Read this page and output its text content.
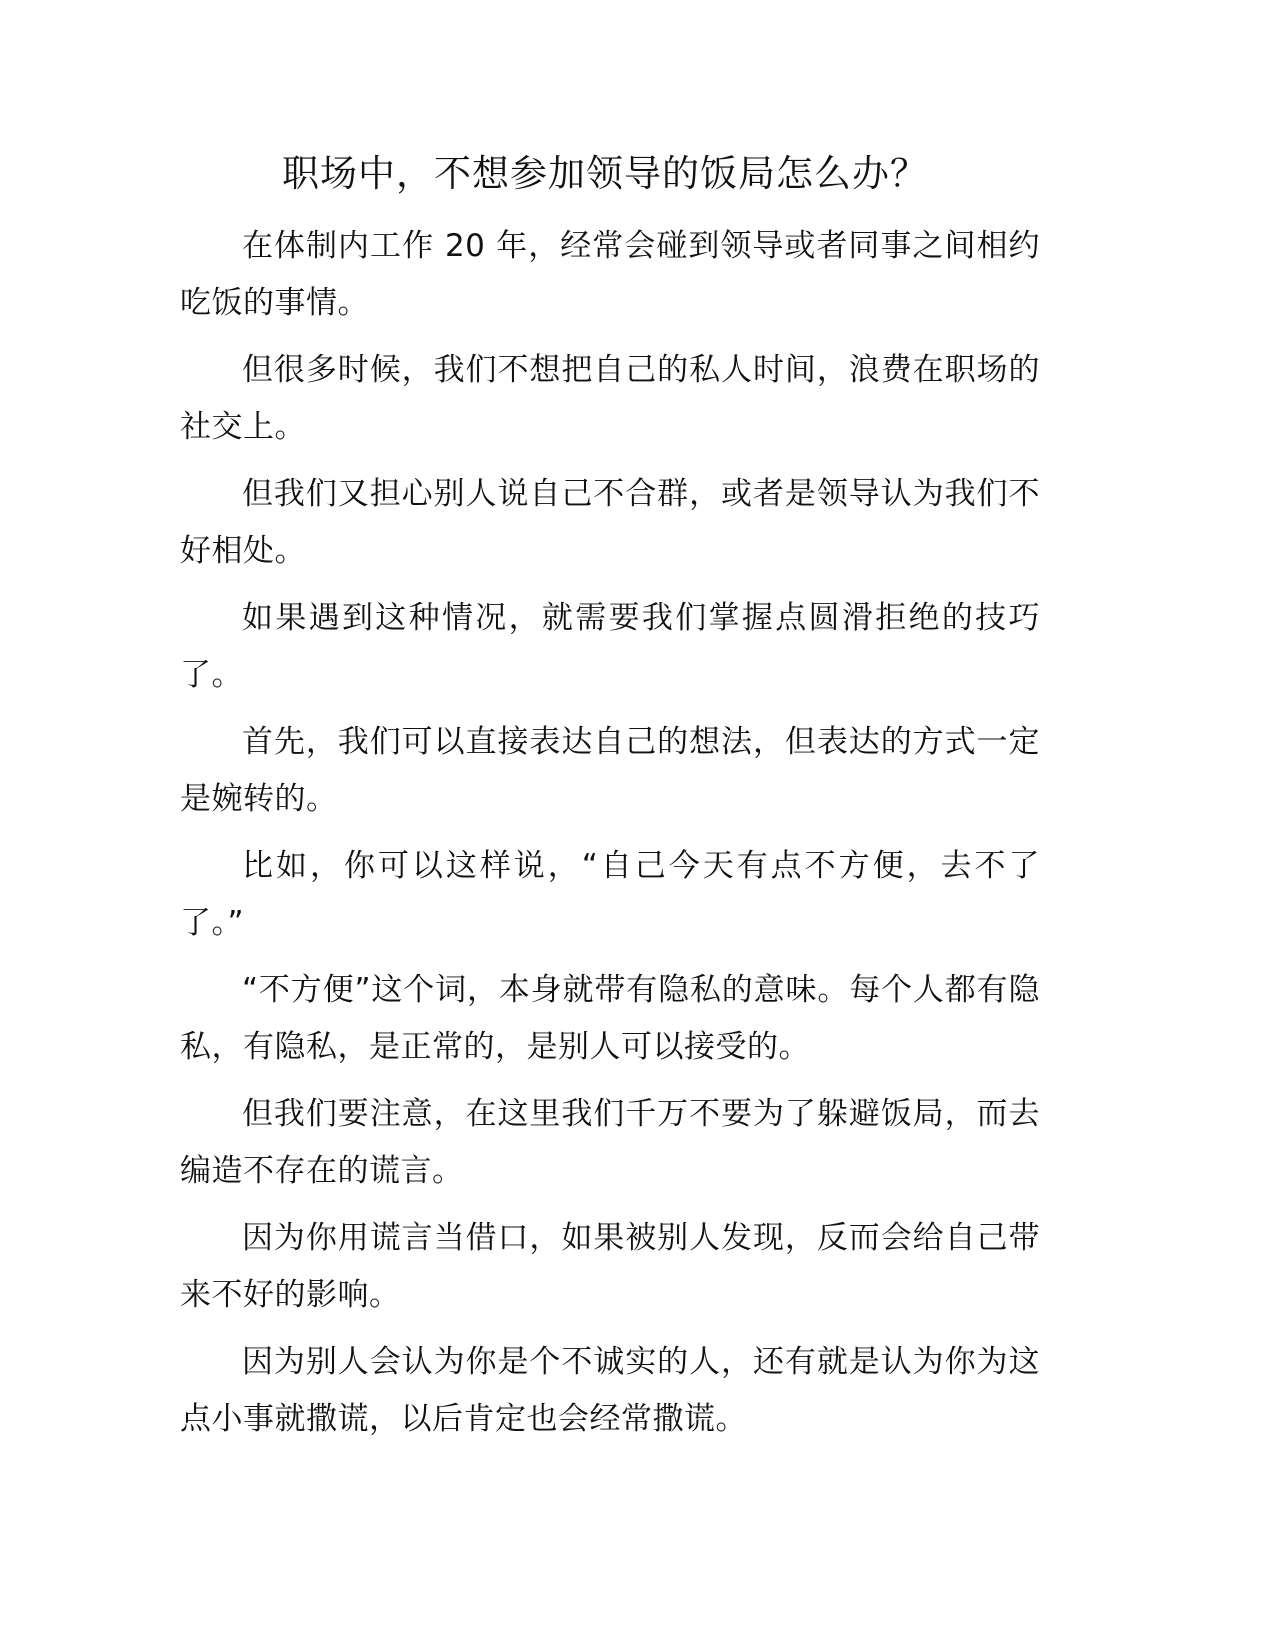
职场中，不想参加领导的饭局怎么办？

在体制内工作 20 年，经常会碰到领导或者同事之间相约吃饭的事情。

但很多时候，我们不想把自己的私人时间，浪费在职场的社交上。

但我们又担心别人说自己不合群，或者是领导认为我们不好相处。

如果遇到这种情况，就需要我们掌握点圆滑拒绝的技巧了。

首先，我们可以直接表达自己的想法，但表达的方式一定是婉转的。

比如，你可以这样说，“自己今天有点不方便，去不了了。”

“不方便”这个词，本身就带有隐私的意味。每个人都有隐私，有隐私，是正常的，是别人可以接受的。

但我们要注意，在这里我们千万不要为了躲避饭局，而去编造不存在的谎言。

因为你用谎言当借口，如果被别人发现，反而会给自己带来不好的影响。

因为别人会认为你是个不诚实的人，还有就是认为你为这点小事就撒谎，以后肯定也会经常撒谎。
